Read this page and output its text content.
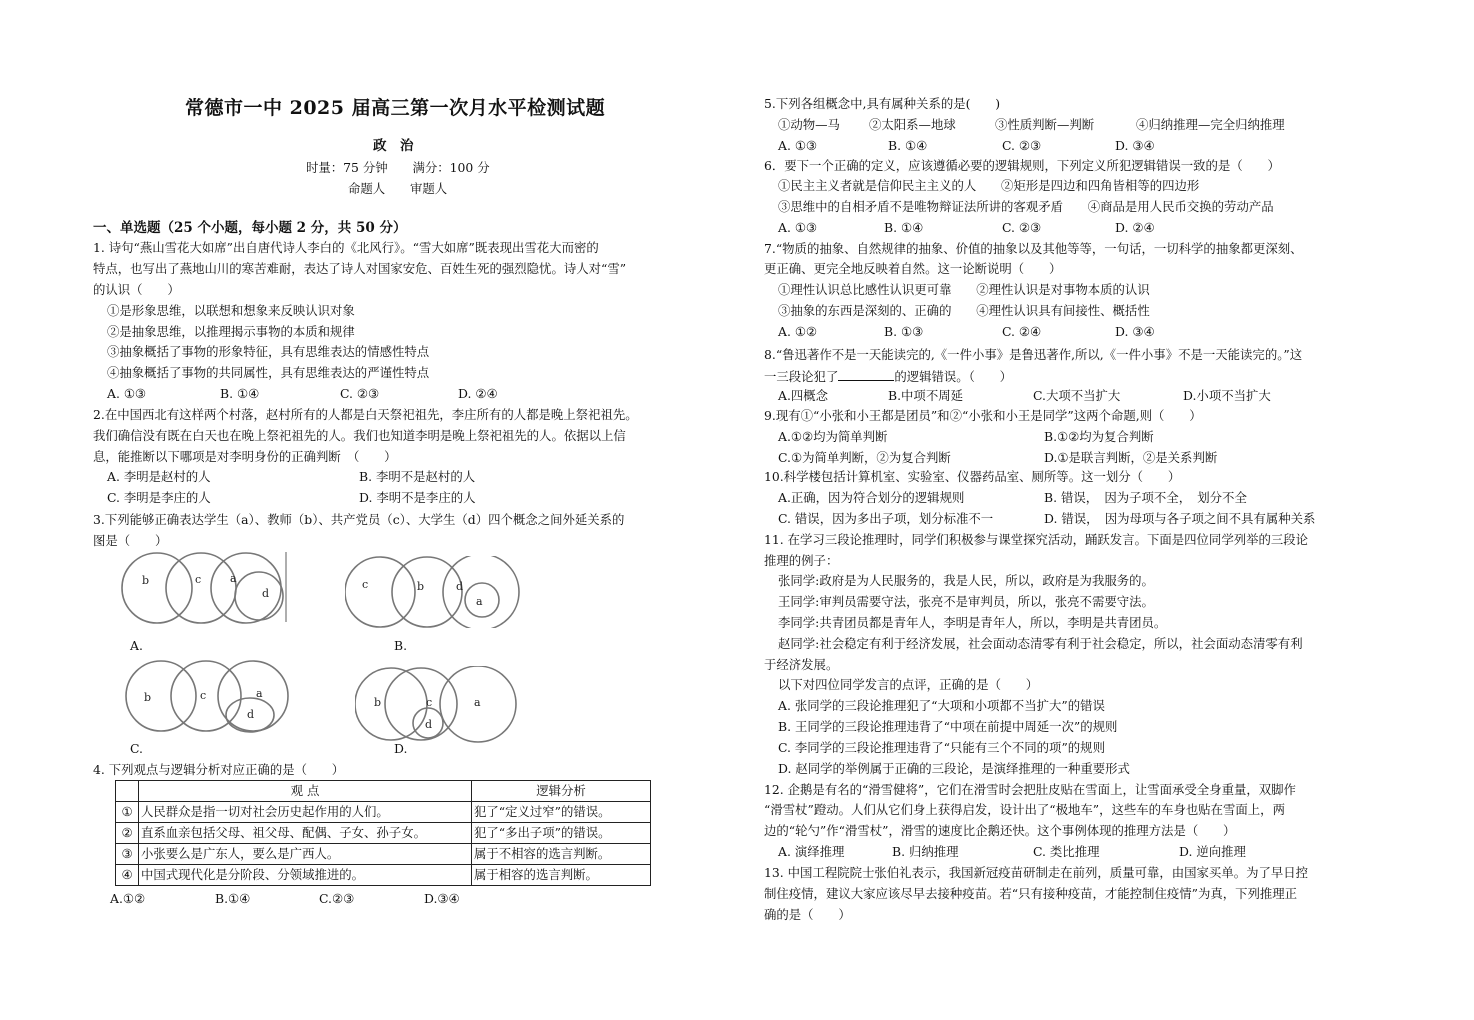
常德市一中 2025 届高三第一次月水平检测试题
政　治
时量：75 分钟　　满分：100 分
命题人　　审题人
一、单选题（25 个小题，每小题 2 分，共 50 分）
1. 诗句“燕山雪花大如席”出自唐代诗人李白的《北风行》。“雪大如席”既表现出雪花大而密的
特点，也写出了燕地山川的寒苦难耐，表达了诗人对国家安危、百姓生死的强烈隐忧。诗人对“雪”
的认识（　　）
①是形象思维，以联想和想象来反映认识对象
②是抽象思维，以推理揭示事物的本质和规律
③抽象概括了事物的形象特征，具有思维表达的情感性特点
④抽象概括了事物的共同属性，具有思维表达的严谨性特点
A. ①③	B. ①④	C. ②③	D. ②④
2.在中国西北有这样两个村落，赵村所有的人都是白天祭祀祖先，李庄所有的人都是晚上祭祀祖先。
我们确信没有既在白天也在晚上祭祀祖先的人。我们也知道李明是晚上祭祀祖先的人。依据以上信
息，能推断以下哪项是对李明身份的正确判断　（　　）
A. 李明是赵村的人	B. 李明不是赵村的人
C. 李明是李庄的人	D. 李明不是李庄的人
3.下列能够正确表达学生（a）、教师（b）、共产党员（c）、大学生（d）四个概念之间外延关系的
图是（　　）
b	c	a
d
A.
c	b	d
a
B.
b	c	a
d
C.
b	c	a
d
D.
4. 下列观点与逻辑分析对应正确的是（　　）
	观 点	逻辑分析
①	人民群众是指一切对社会历史起作用的人们。	犯了“定义过窄”的错误。
②	直系血亲包括父母、祖父母、配偶、子女、孙子女。	犯了“多出子项”的错误。
③	小张要么是广东人，要么是广西人。	属于不相容的选言判断。
④	中国式现代化是分阶段、分领域推进的。	属于相容的选言判断。
A.①②	B.①④	C.②③	D.③④
5.下列各组概念中,具有属种关系的是(　　)
①动物—马 ②太阳系—地球	③性质判断—判断	④归纳推理—完全归纳推理
A. ①③	B. ①④	C. ②③	D. ③④
6．要下一个正确的定义，应该遵循必要的逻辑规则，下列定义所犯逻辑错误一致的是（　　）
①民主主义者就是信仰民主主义的人　　②矩形是四边和四角皆相等的四边形
③思维中的自相矛盾不是唯物辩证法所讲的客观矛盾　　④商品是用人民币交换的劳动产品
A. ①③	B. ①④	C. ②③	D. ②④
7.“物质的抽象、自然规律的抽象、价值的抽象以及其他等等，一句话，一切科学的抽象都更深刻、
更正确、更完全地反映着自然。这一论断说明（　　）
①理性认识总比感性认识更可靠　　②理性认识是对事物本质的认识
③抽象的东西是深刻的、正确的　　④理性认识具有间接性、概括性
A. ①②	B. ①③	C. ②④	D. ③④
8.“鲁迅著作不是一天能读完的,《一件小事》是鲁迅著作,所以,《一件小事》不是一天能读完的。”这
一三段论犯了	的逻辑错误。（　　）
A.四概念	B.中项不周延	C.大项不当扩大	D.小项不当扩大
9.现有①“小张和小王都是团员”和②“小张和小王是同学”这两个命题,则（　　）
A.①②均为简单判断	B.①②均为复合判断
C.①为简单判断，②为复合判断	D.①是联言判断，②是关系判断
10.科学楼包括计算机室、实验室、仪器药品室、厕所等。这一划分（　　）
A.正确，因为符合划分的逻辑规则	B. 错误，　因为子项不全，　划分不全
C. 错误，因为多出子项，划分标准不一	D. 错误，　因为母项与各子项之间不具有属种关系
11. 在学习三段论推理时，同学们积极参与课堂探究活动，踊跃发言。下面是四位同学列举的三段论
推理的例子：
张同学:政府是为人民服务的，我是人民，所以，政府是为我服务的。
王同学:审判员需要守法，张亮不是审判员，所以，张亮不需要守法。
李同学:共青团员都是青年人，李明是青年人，所以，李明是共青团员。
赵同学:社会稳定有利于经济发展，社会面动态清零有利于社会稳定，所以，社会面动态清零有利
于经济发展。
以下对四位同学发言的点评，正确的是（　　）
A. 张同学的三段论推理犯了“大项和小项都不当扩大”的错误
B. 王同学的三段论推理违背了“中项在前提中周延一次”的规则
C. 李同学的三段论推理违背了“只能有三个不同的项”的规则
D. 赵同学的举例属于正确的三段论，是演绎推理的一种重要形式
12. 企鹅是有名的“滑雪健将”，它们在滑雪时会把肚皮贴在雪面上，让雪面承受全身重量，双脚作
“滑雪杖”蹬动。人们从它们身上获得启发，设计出了“极地车”，这些车的车身也贴在雪面上，两
边的“轮勺”作“滑雪杖”，滑雪的速度比企鹅还快。这个事例体现的推理方法是（　　）
A. 演绎推理	B. 归纳推理	C. 类比推理	D. 逆向推理
13. 中国工程院院士张伯礼表示，我国新冠疫苗研制走在前列，质量可靠，由国家买单。为了早日控
制住疫情，建议大家应该尽早去接种疫苗。若“只有接种疫苗，才能控制住疫情”为真，下列推理正
确的是（　　）
